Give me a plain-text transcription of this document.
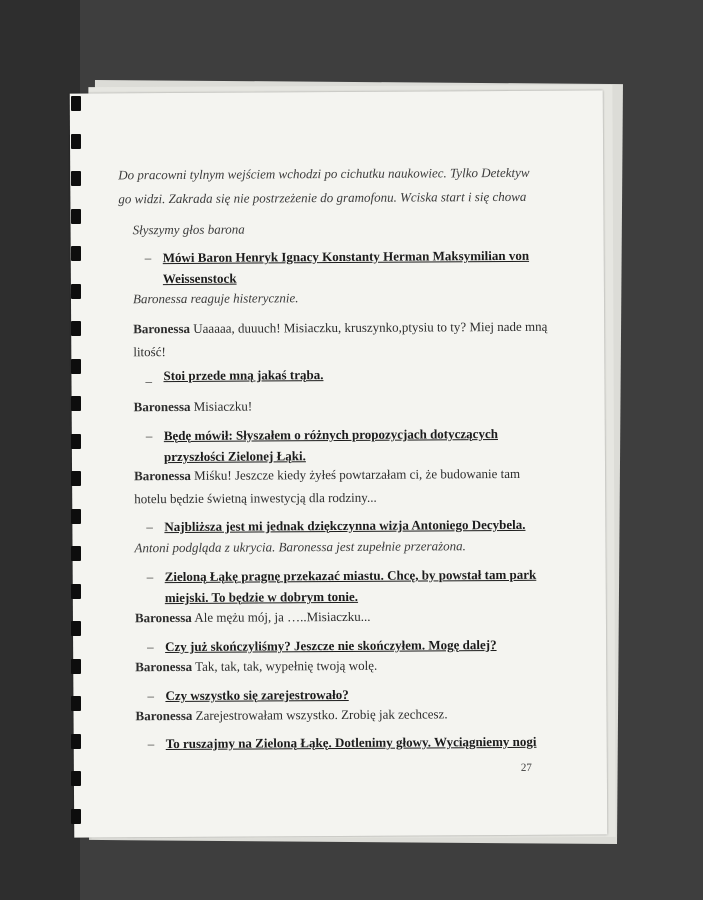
Do pracowni tylnym wejściem wchodzi po cichutku naukowiec. Tylko Detektyw

go widzi. Zakrada się nie postrzeżenie do gramofonu. Wciska start i się chowa

Słyszymy głos barona

– Mówi Baron Henryk Ignacy Konstanty Herman Maksymilian von

Weissenstock

Baronessa reaguje histerycznie.

Baronessa Uaaaaa, duuuch! Misiaczku, kruszynko,ptysiu to ty? Miej nade mną

litość!

_ Stoi przede mną jakaś trąba.

Baronessa Misiaczku!

– Będę mówił: Słyszałem o różnych propozycjach dotyczących

przyszłości Zielonej Łąki.

Baronessa Miśku! Jeszcze kiedy żyłeś powtarzałam ci, że budowanie tam

hotelu będzie świetną inwestycją dla rodziny...

– Najbliższa jest mi jednak dziękczynna wizja Antoniego Decybela.

Antoni podgląda z ukrycia. Baronessa jest zupełnie przerażona.

– Zieloną Łąkę pragnę przekazać miastu. Chcę, by powstał tam park

miejski. To będzie w dobrym tonie.

Baronessa Ale mężu mój, ja …..Misiaczku...

– Czy już skończyliśmy? Jeszcze nie skończyłem. Mogę dalej?

Baronessa Tak, tak, tak, wypełnię twoją wolę.

– Czy wszystko się zarejestrowało?

Baronessa Zarejestrowałam wszystko. Zrobię jak zechcesz.

– To ruszajmy na Zieloną Łąkę. Dotlenimy głowy. Wyciągniemy nogi

27
